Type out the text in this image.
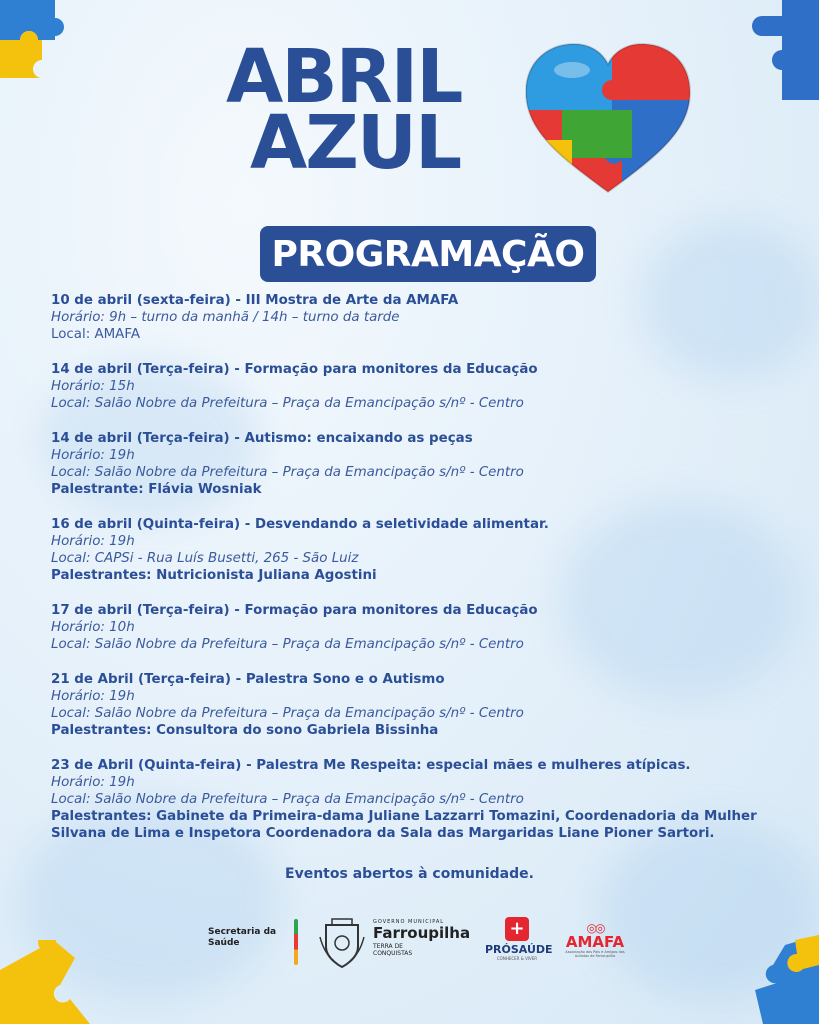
ABRIL
AZUL
PROGRAMAÇÃO
10 de abril (sexta-feira) - III Mostra de Arte da AMAFA
Horário: 9h – turno da manhã / 14h – turno da tarde
Local: AMAFA
14 de abril (Terça-feira) - Formação para monitores da Educação
Horário: 15h
Local: Salão Nobre da Prefeitura – Praça da Emancipação s/nº - Centro
14 de abril (Terça-feira) - Autismo: encaixando as peças
Horário: 19h
Local: Salão Nobre da Prefeitura – Praça da Emancipação s/nº - Centro
Palestrante: Flávia Wosniak
16 de abril (Quinta-feira) - Desvendando a seletividade alimentar.
Horário: 19h
Local: CAPSi - Rua Luís Busetti, 265 - São Luiz
Palestrantes: Nutricionista Juliana Agostini
17 de abril (Terça-feira) - Formação para monitores da Educação
Horário: 10h
Local: Salão Nobre da Prefeitura – Praça da Emancipação s/nº - Centro
21 de Abril (Terça-feira) - Palestra Sono e o Autismo
Horário: 19h
Local: Salão Nobre da Prefeitura – Praça da Emancipação s/nº - Centro
Palestrantes: Consultora do sono Gabriela Bissinha
23 de Abril (Quinta-feira) - Palestra Me Respeita: especial mães e mulheres atípicas.
Horário: 19h
Local: Salão Nobre da Prefeitura – Praça da Emancipação s/nº - Centro
Palestrantes: Gabinete da Primeira-dama Juliane Lazzarri Tomazini, Coordenadoria da Mulher Silvana de Lima e Inspetora Coordenadora da Sala das Margaridas Liane Pioner Sartori.
Eventos abertos à comunidade.
Secretaria da
Saúde
GOVERNO MUNICIPAL
Farroupilha
TERRA DE
CONQUISTAS
+
PRÓSAÚDE
CONHECER & VIVER
◎◎
AMAFA
Associação dos Pais e Amigos dos Autistas de Farroupilha
